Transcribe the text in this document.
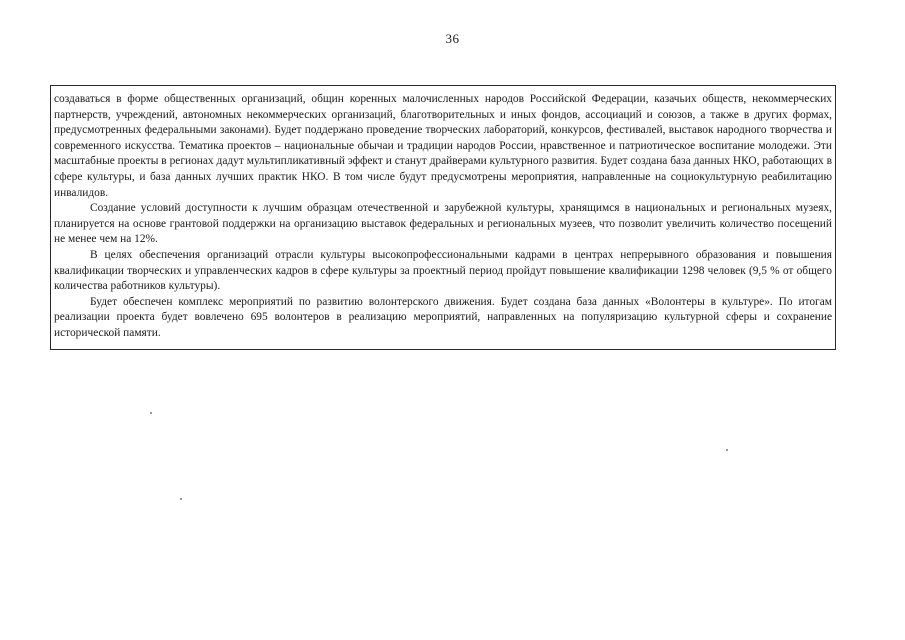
36

создаваться в форме общественных организаций, общин коренных малочисленных народов Российской Федерации, казачьих обществ, некоммерческих партнерств, учреждений, автономных некоммерческих организаций, благотворительных и иных фондов, ассоциаций и союзов, а также в других формах, предусмотренных федеральными законами). Будет поддержано проведение творческих лабораторий, конкурсов, фестивалей, выставок народного творчества и современного искусства. Тематика проектов – национальные обычаи и традиции народов России, нравственное и патриотическое воспитание молодежи. Эти масштабные проекты в регионах дадут мультипликативный эффект и станут драйверами культурного развития. Будет создана база данных НКО, работающих в сфере культуры, и база данных лучших практик НКО. В том числе будут предусмотрены мероприятия, направленные на социокультурную реабилитацию инвалидов.

Создание условий доступности к лучшим образцам отечественной и зарубежной культуры, хранящимся в национальных и региональных музеях, планируется на основе грантовой поддержки на организацию выставок федеральных и региональных музеев, что позволит увеличить количество посещений не менее чем на 12%.

В целях обеспечения организаций отрасли культуры высокопрофессиональными кадрами в центрах непрерывного образования и повышения квалификации творческих и управленческих кадров в сфере культуры за проектный период пройдут повышение квалификации 1298 человек (9,5 % от общего количества работников культуры).

Будет обеспечен комплекс мероприятий по развитию волонтерского движения. Будет создана база данных «Волонтеры в культуре». По итогам реализации проекта будет вовлечено 695 волонтеров в реализацию мероприятий, направленных на популяризацию культурной сферы и сохранение исторической памяти.
